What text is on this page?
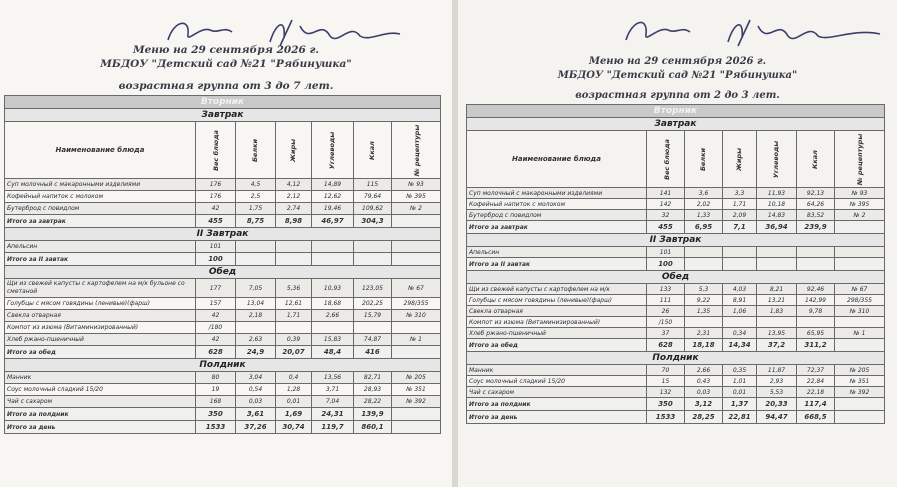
Меню на 29 сентября 2026 г.
МБДОУ "Детский сад №21 "Рябинушка"
возрастная группа от 3 до 7 лет.
Вторник						
Завтрак						
Наименование блюда	Вес блюда	Белки	Жиры	Углеводы	Ккал	№ рецептуры
Суп молочный с макаронными изделиями	176	4,5	4,12	14,89	115	№ 93
Кофейный напиток с молоком	176	2,5	2,12	12,62	79,64	№ 395
Бутерброд с повидлом	42	1,75	2,74	19,46	109,62	№ 2
Итого за завтрак	455	8,75	8,98	46,97	304,3	
II Завтрак						
Апельсин	101					
Итого за II завтак	100					
Обед						
Щи из свежей капусты с картофелем на м/к бульоне со сметаной	177	7,05	5,36	10,93	123,05	№ 67
Голубцы с мясом говядины (ленивые)(фарш)	157	13,04	12,61	18,68	202,25	298/355
Свекла отварная	42	2,18	1,71	2,66	15,79	№ 310
Компот из изюма (Витаминизированный)	/180					
Хлеб ржано-пшеничный	42	2,63	0,39	15,83	74,87	№ 1
Итого за обед	628	24,9	20,07	48,4	416	
Полдник						
Манник	80	3,04	0,4	13,56	82,71	№ 205
Соус молочный сладкий 15/20	19	0,54	1,28	3,71	28,93	№ 351
Чай с сахаром	168	0,03	0,01	7,04	28,22	№ 392
Итого за полдник	350	3,61	1,69	24,31	139,9	
Итого за день	1533	37,26	30,74	119,7	860,1	
Меню на 29 сентября 2026 г.
МБДОУ "Детский сад №21 "Рябинушка"
возрастная группа от 2 до 3 лет.
Вторник						
Завтрак						
Наименование блюда	Вес блюда	Белки	Жиры	Углеводы	Ккал	№ рецептуры
Суп молочный с макаронными изделиями	141	3,6	3,3	11,93	92,13	№ 93
Кофейный напиток с молоком	142	2,02	1,71	10,18	64,26	№ 395
Бутерброд с повидлом	32	1,33	2,09	14,83	83,52	№ 2
Итого за завтрак	455	6,95	7,1	36,94	239,9	
II Завтрак						
Апельсин	101					
Итого за II завтак	100					
Обед						
Щи из свежей капусты с картофелем на м/к	133	5,3	4,03	8,21	92,46	№ 67
Голубцы с мясом говядины (ленивые)(фарш)	111	9,22	8,91	13,21	142,99	298/355
Свекла отварная	26	1,35	1,06	1,83	9,78	№ 310
Компот из изюма (Витаминизированный)	/150					
Хлеб ржано-пшеничный	37	2,31	0,34	13,95	65,95	№ 1
Итого за обед	628	18,18	14,34	37,2	311,2	
Полдник						
Манник	70	2,66	0,35	11,87	72,37	№ 205
Соус молочный сладкий 15/20	15	0,43	1,01	2,93	22,84	№ 351
Чай с сахаром	132	0,03	0,01	5,53	22,18	№ 392
Итого за полдник	350	3,12	1,37	20,33	117,4	
Итого за день	1533	28,25	22,81	94,47	668,5	
